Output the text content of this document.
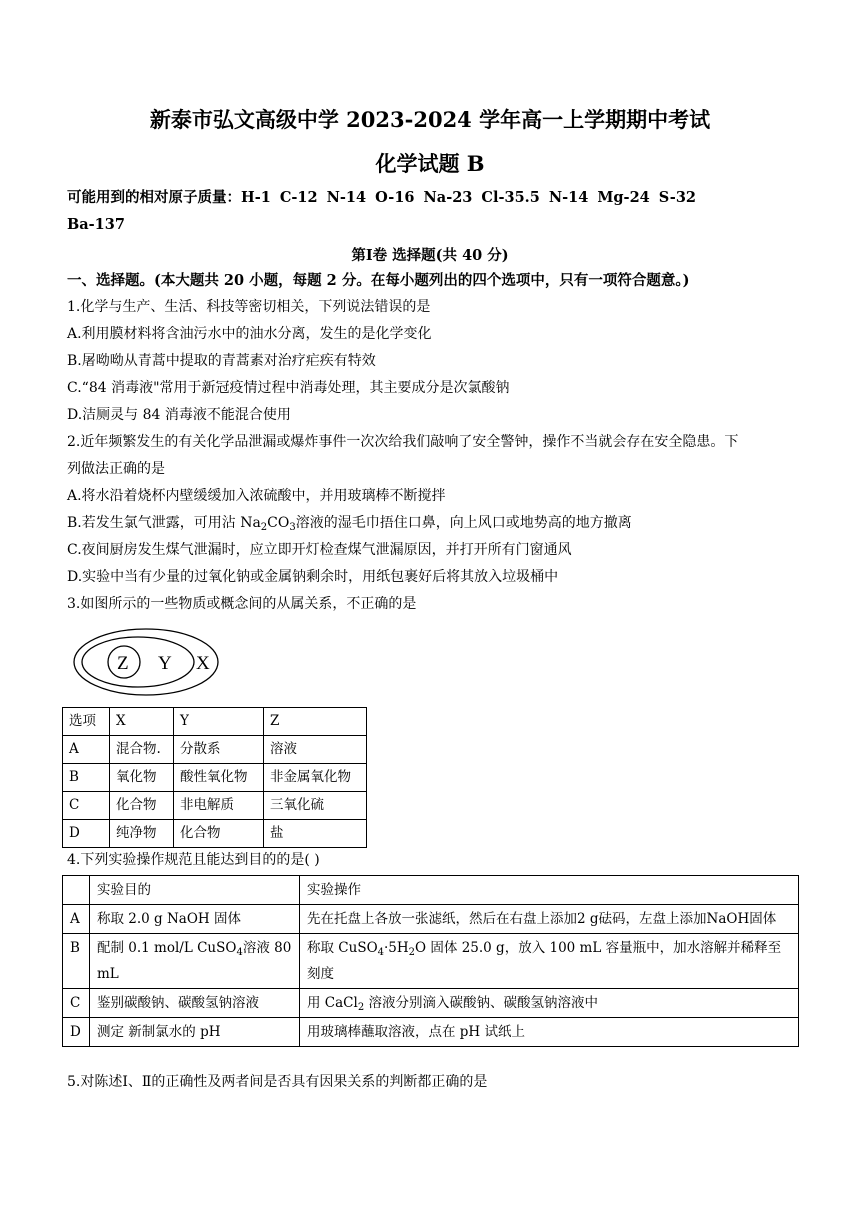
新泰市弘文高级中学 2023-2024 学年高一上学期期中考试
化学试题 B
可能用到的相对原子质量：H-1 C-12 N-14 O-16 Na-23 Cl-35.5 N-14 Mg-24 S-32
Ba-137
第Ⅰ卷 选择题(共 40 分)
一、选择题。(本大题共 20 小题，每题 2 分。在每小题列出的四个选项中，只有一项符合题意。)
1.化学与生产、生活、科技等密切相关，下列说法错误的是
A.利用膜材料将含油污水中的油水分离，发生的是化学变化
B.屠呦呦从青蒿中提取的青蒿素对治疗疟疾有特效
C.“84 消毒液"常用于新冠疫情过程中消毒处理，其主要成分是次氯酸钠
D.洁厕灵与 84 消毒液不能混合使用
2.近年频繁发生的有关化学品泄漏或爆炸事件一次次给我们敲响了安全警钟，操作不当就会存在安全隐患。下
列做法正确的是
A.将水沿着烧杯内壁缓缓加入浓硫酸中，并用玻璃棒不断搅拌
B.若发生氯气泄露，可用沾 $Na_2CO_3$溶液的湿毛巾捂住口鼻，向上风口或地势高的地方撤离
C.夜间厨房发生煤气泄漏时，应立即开灯检查煤气泄漏原因，并打开所有门窗通风
D.实验中当有少量的过氧化钠或金属钠剩余时，用纸包裹好后将其放入垃圾桶中
3.如图所示的一些物质或概念间的从属关系，不正确的是
Z Y X
选项	X	Y	Z
A	混合物.	分散系	溶液
B	氧化物	酸性氧化物	非金属氧化物
C	化合物	非电解质	三氧化硫
D	纯净物	化合物	盐
4.下列实验操作规范且能达到目的的是( )
	实验目的	实验操作
A	称取 2.0 g NaOH 固体	先在托盘上各放一张滤纸，然后在右盘上添加2 g砝码，左盘上添加NaOH固体
B	配制 0.1 mol/L CuSO$_4$溶液 80 mL	称取 $CuSO_4\cdot 5H_2O$ 固体 25.0 g，放入 100 mL 容量瓶中，加水溶解并稀释至刻度
C	鉴别碳酸钠、碳酸氢钠溶液	用 CaCl$_2$ 溶液分别滴入碳酸钠、碳酸氢钠溶液中
D	测定 新制氯水的 pH	用玻璃棒蘸取溶液，点在 pH 试纸上
5.对陈述Ⅰ、Ⅱ的正确性及两者间是否具有因果关系的判断都正确的是
